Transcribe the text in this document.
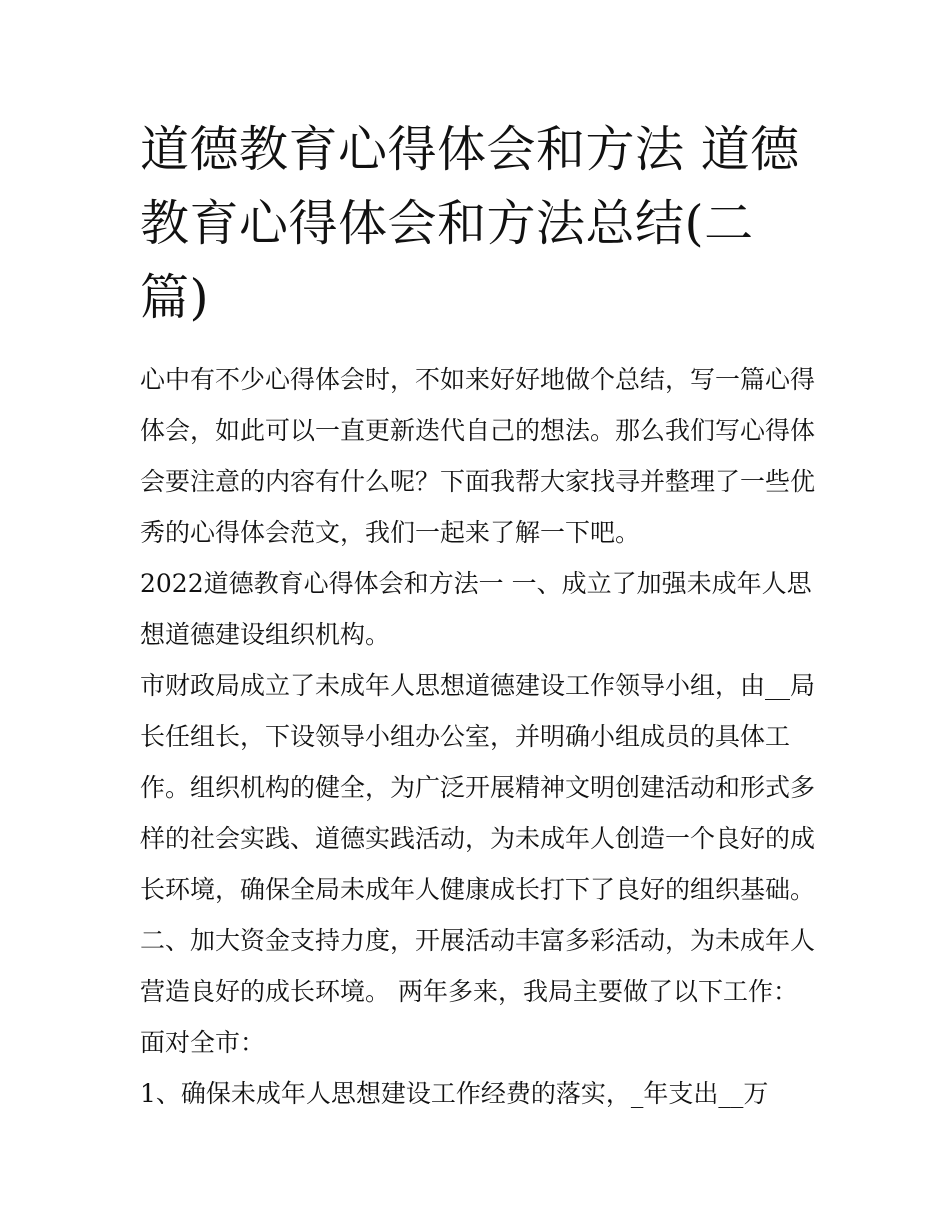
道德教育心得体会和方法 道德教育心得体会和方法总结(二篇)

心中有不少心得体会时，不如来好好地做个总结，写一篇心得体会，如此可以一直更新迭代自己的想法。那么我们写心得体会要注意的内容有什么呢？下面我帮大家找寻并整理了一些优秀的心得体会范文，我们一起来了解一下吧。

2022道德教育心得体会和方法一 一、成立了加强未成年人思想道德建设组织机构。

市财政局成立了未成年人思想道德建设工作领导小组，由__局长任组长，下设领导小组办公室，并明确小组成员的具体工作。组织机构的健全，为广泛开展精神文明创建活动和形式多样的社会实践、道德实践活动，为未成年人创造一个良好的成长环境，确保全局未成年人健康成长打下了良好的组织基础。

二、加大资金支持力度，开展活动丰富多彩活动，为未成年人营造良好的成长环境。 两年多来，我局主要做了以下工作：

面对全市：

1、确保未成年人思想建设工作经费的落实，_年支出__万
